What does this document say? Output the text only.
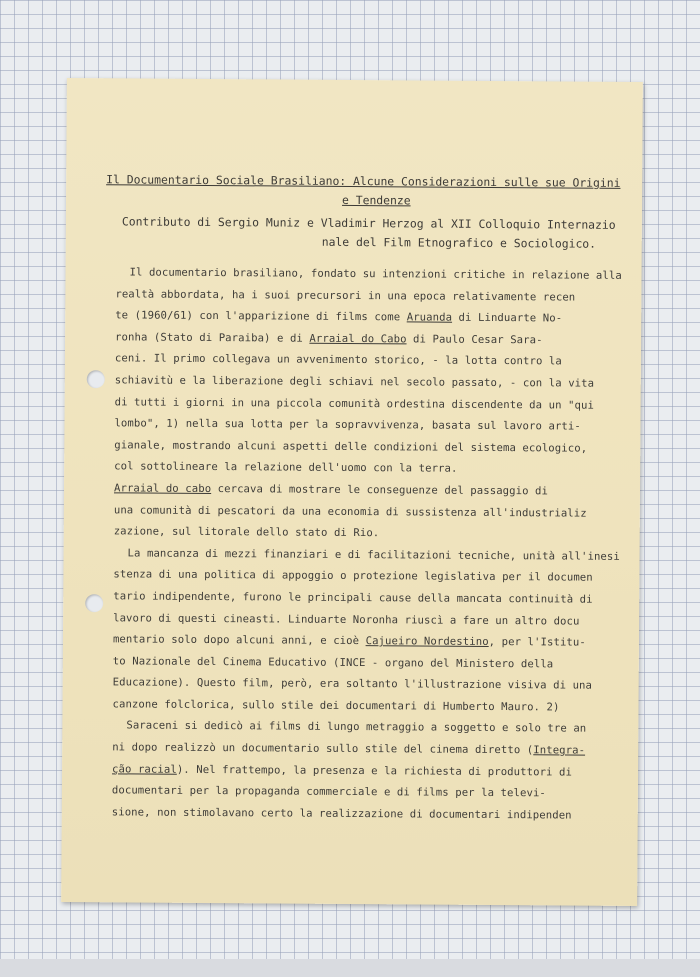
Il Documentario Sociale Brasiliano: Alcune Considerazioni sulle sue Origini
e Tendenze
Contributo di Sergio Muniz e Vladimir Herzog al XII Colloquio Internazio
nale del Film Etnografico e Sociologico.
Il documentario brasiliano, fondato su intenzioni critiche in relazione alla
realtà abbordata, ha i suoi precursori in una epoca relativamente recen
te (1960/61) con l'apparizione di films come Aruanda di Linduarte No-
ronha (Stato di Paraiba) e di Arraial do Cabo di Paulo Cesar Sara-
ceni. Il primo collegava un avvenimento storico, - la lotta contro la
schiavitù e la liberazione degli schiavi nel secolo passato, - con la vita
di tutti i giorni in una piccola comunità ordestina discendente da un "qui
lombo", 1) nella sua lotta per la sopravvivenza, basata sul lavoro arti-
gianale, mostrando alcuni aspetti delle condizioni del sistema ecologico,
col sottolineare la relazione dell'uomo con la terra.
Arraial do cabo cercava di mostrare le conseguenze del passaggio di
una comunità di pescatori da una economia di sussistenza all'industrializ
zazione, sul litorale dello stato di Rio.
La mancanza di mezzi finanziari e di facilitazioni tecniche, unità all'inesi
stenza di una politica di appoggio o protezione legislativa per il documen
tario indipendente, furono le principali cause della mancata continuità di
lavoro di questi cineasti. Linduarte Noronha riuscì a fare un altro docu
mentario solo dopo alcuni anni, e cioè Cajueiro Nordestino, per l'Istitu-
to Nazionale del Cinema Educativo (INCE - organo del Ministero della
Educazione). Questo film, però, era soltanto l'illustrazione visiva di una
canzone folclorica, sullo stile dei documentari di Humberto Mauro. 2)
Saraceni si dedicò ai films di lungo metraggio a soggetto e solo tre an
ni dopo realizzò un documentario sullo stile del cinema diretto (Integra-
ção racial). Nel frattempo, la presenza e la richiesta di produttori di
documentari per la propaganda commerciale e di films per la televi-
sione, non stimolavano certo la realizzazione di documentari indipenden
